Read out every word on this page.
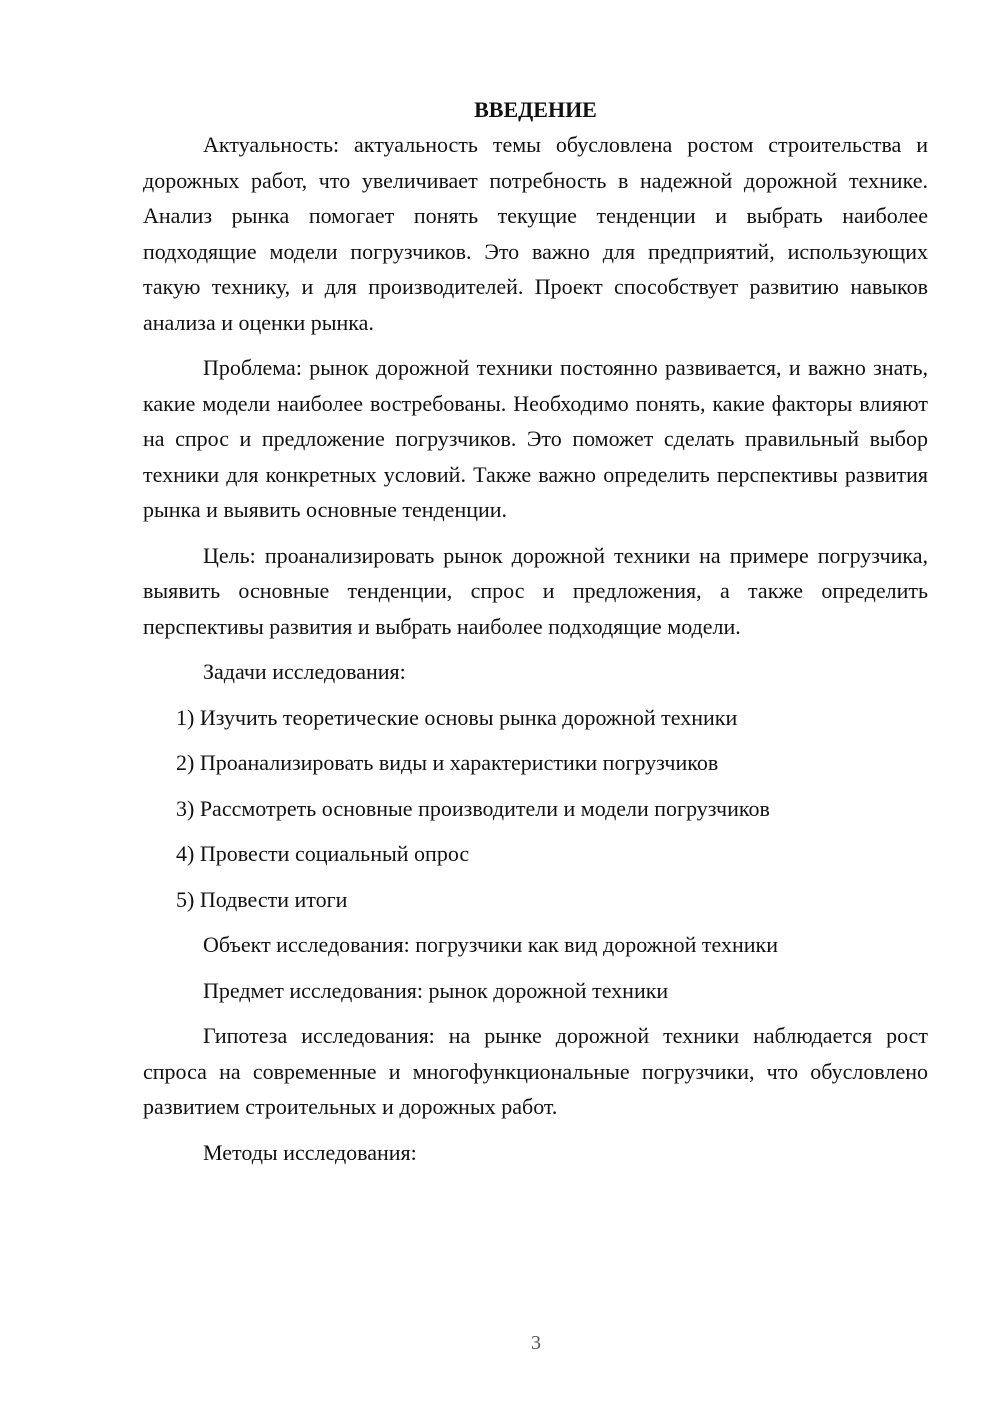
ВВЕДЕНИЕ

Актуальность: актуальность темы обусловлена ростом строительства и дорожных работ, что увеличивает потребность в надежной дорожной технике. Анализ рынка помогает понять текущие тенденции и выбрать наиболее подходящие модели погрузчиков. Это важно для предприятий, использующих такую технику, и для производителей. Проект способствует развитию навыков анализа и оценки рынка.

Проблема: рынок дорожной техники постоянно развивается, и важно знать, какие модели наиболее востребованы. Необходимо понять, какие факторы влияют на спрос и предложение погрузчиков. Это поможет сделать правильный выбор техники для конкретных условий. Также важно определить перспективы развития рынка и выявить основные тенденции.

Цель: проанализировать рынок дорожной техники на примере погрузчика, выявить основные тенденции, спрос и предложения, а также определить перспективы развития и выбрать наиболее подходящие модели.

Задачи исследования:

1) Изучить теоретические основы рынка дорожной техники
2) Проанализировать виды и характеристики погрузчиков
3) Рассмотреть основные производители и модели погрузчиков
4) Провести социальный опрос
5) Подвести итоги

Объект исследования: погрузчики как вид дорожной техники

Предмет исследования: рынок дорожной техники

Гипотеза исследования: на рынке дорожной техники наблюдается рост спроса на современные и многофункциональные погрузчики, что обусловлено развитием строительных и дорожных работ.

Методы исследования:

3
